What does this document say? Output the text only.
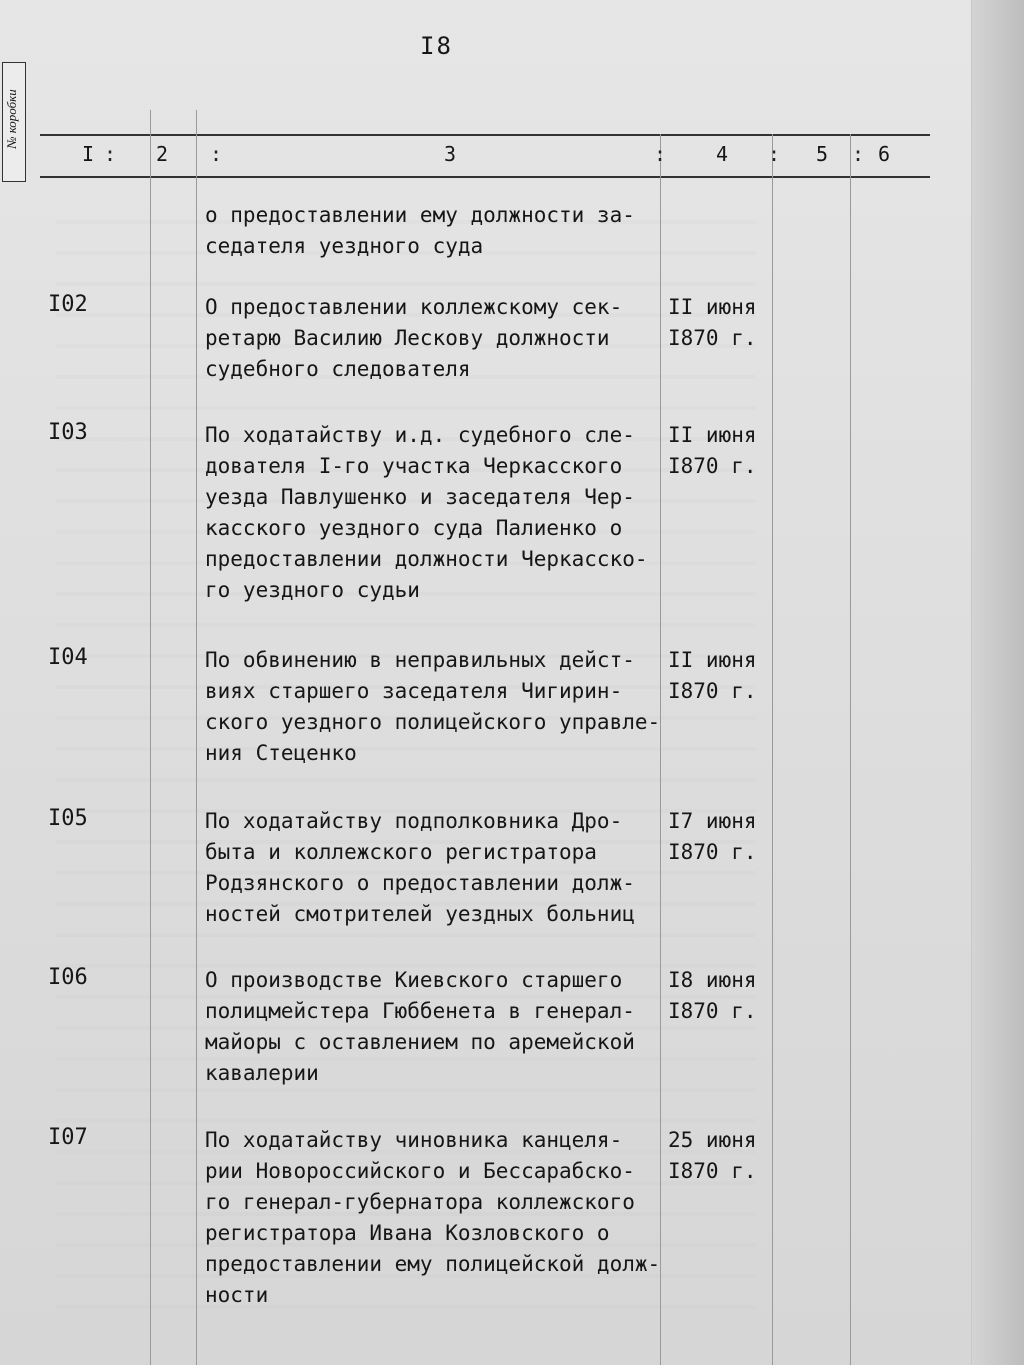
I8
№ коробки
I : 2 :	3	: 4 : 5 : 6
о предоставлении ему должности за-
седателя уездного суда
I02	О предоставлении коллежскому сек-
ретарю Василию Лескову должности
судебного следователя
II июня
I870 г.
I03	По ходатайству и.д. судебного сле-
дователя I-го участка Черкасского
уезда Павлушенко и заседателя Чер-
касского уездного суда Палиенко о
предоставлении должности Черкасско-
го уездного судьи
II июня
I870 г.
I04	По обвинению в неправильных дейст-
виях старшего заседателя Чигирин-
ского уездного полицейского управле-
ния Стеценко
II июня
I870 г.
I05	По ходатайству подполковника Дро-
быта и коллежского регистратора
Родзянского о предоставлении долж-
ностей смотрителей уездных больниц
I7 июня
I870 г.
I06	О производстве Киевского старшего
полицмейстера Гюббенета в генерал-
майоры с оставлением по аремейской
кавалерии
I8 июня
I870 г.
I07	По ходатайству чиновника канцеля-
рии Новороссийского и Бессарабско-
го генерал-губернатора коллежского
регистратора Ивана Козловского о
предоставлении ему полицейской долж-
ности
25 июня
I870 г.
